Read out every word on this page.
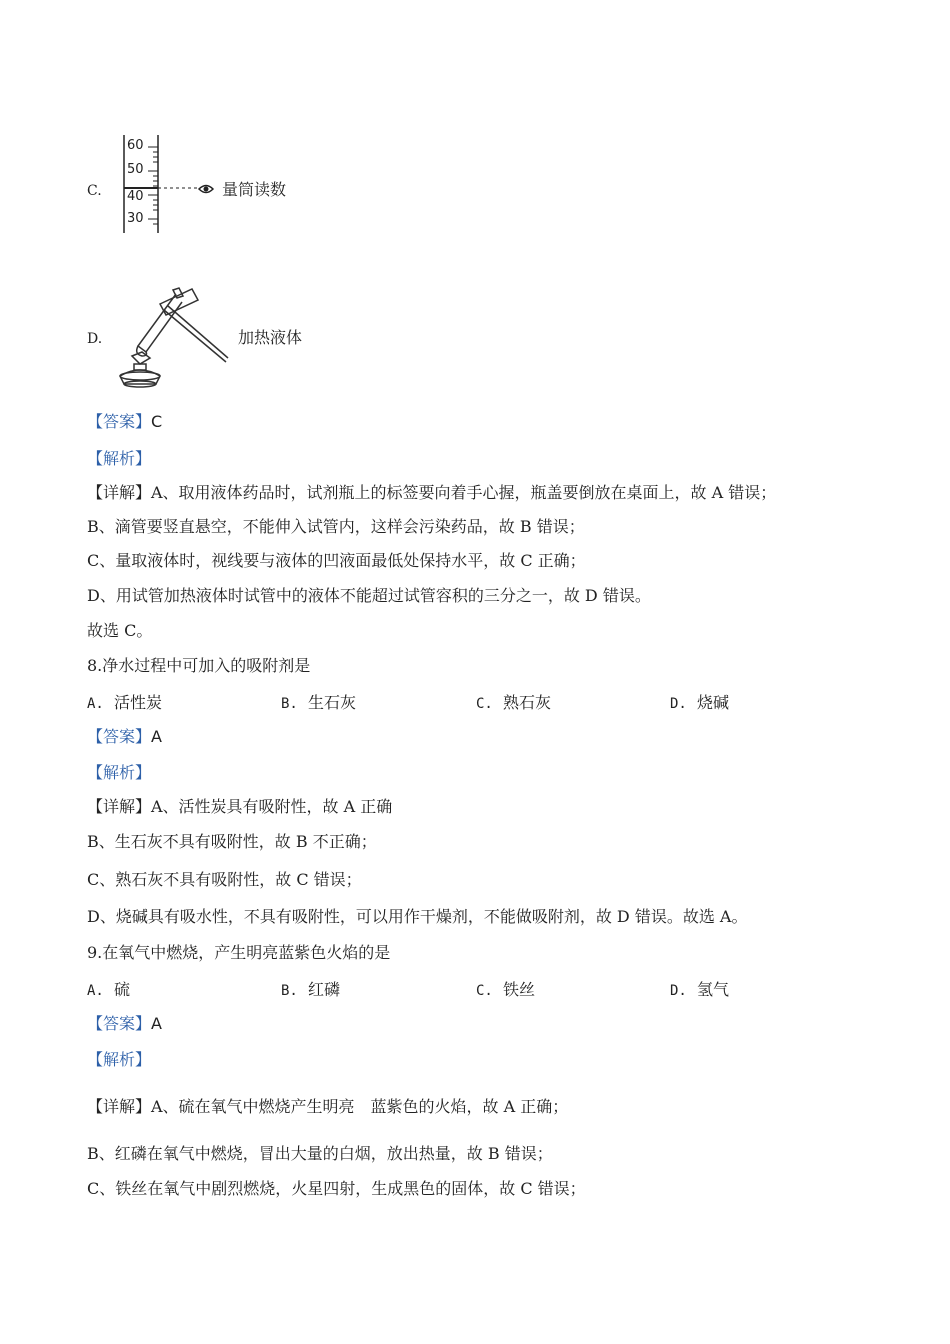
C.
60
50
40
30
量筒读数
D.	加热液体
【答案】C
【解析】
【详解】A、取用液体药品时，试剂瓶上的标签要向着手心握，瓶盖要倒放在桌面上，故 A 错误；
B、滴管要竖直悬空，不能伸入试管内，这样会污染药品，故 B 错误；
C、量取液体时，视线要与液体的凹液面最低处保持水平，故 C 正确；
D、用试管加热液体时试管中的液体不能超过试管容积的三分之一，故 D 错误。
故选 C。
8.净水过程中可加入的吸附剂是
A. 活性炭	B. 生石灰	C. 熟石灰	D. 烧碱
【答案】A
【解析】
【详解】A、活性炭具有吸附性，故 A 正确
B、生石灰不具有吸附性，故 B 不正确；
C、熟石灰不具有吸附性，故 C 错误；
D、烧碱具有吸水性，不具有吸附性，可以用作干燥剂，不能做吸附剂，故 D 错误。故选 A。
9.在氧气中燃烧，产生明亮蓝紫色火焰的是
A. 硫	B. 红磷	C. 铁丝	D. 氢气
【答案】A
【解析】
【详解】A、硫在氧气中燃烧产生明亮　蓝紫色的火焰，故 A 正确；
B、红磷在氧气中燃烧，冒出大量的白烟，放出热量，故 B 错误；
C、铁丝在氧气中剧烈燃烧，火星四射，生成黑色的固体，故 C 错误；
